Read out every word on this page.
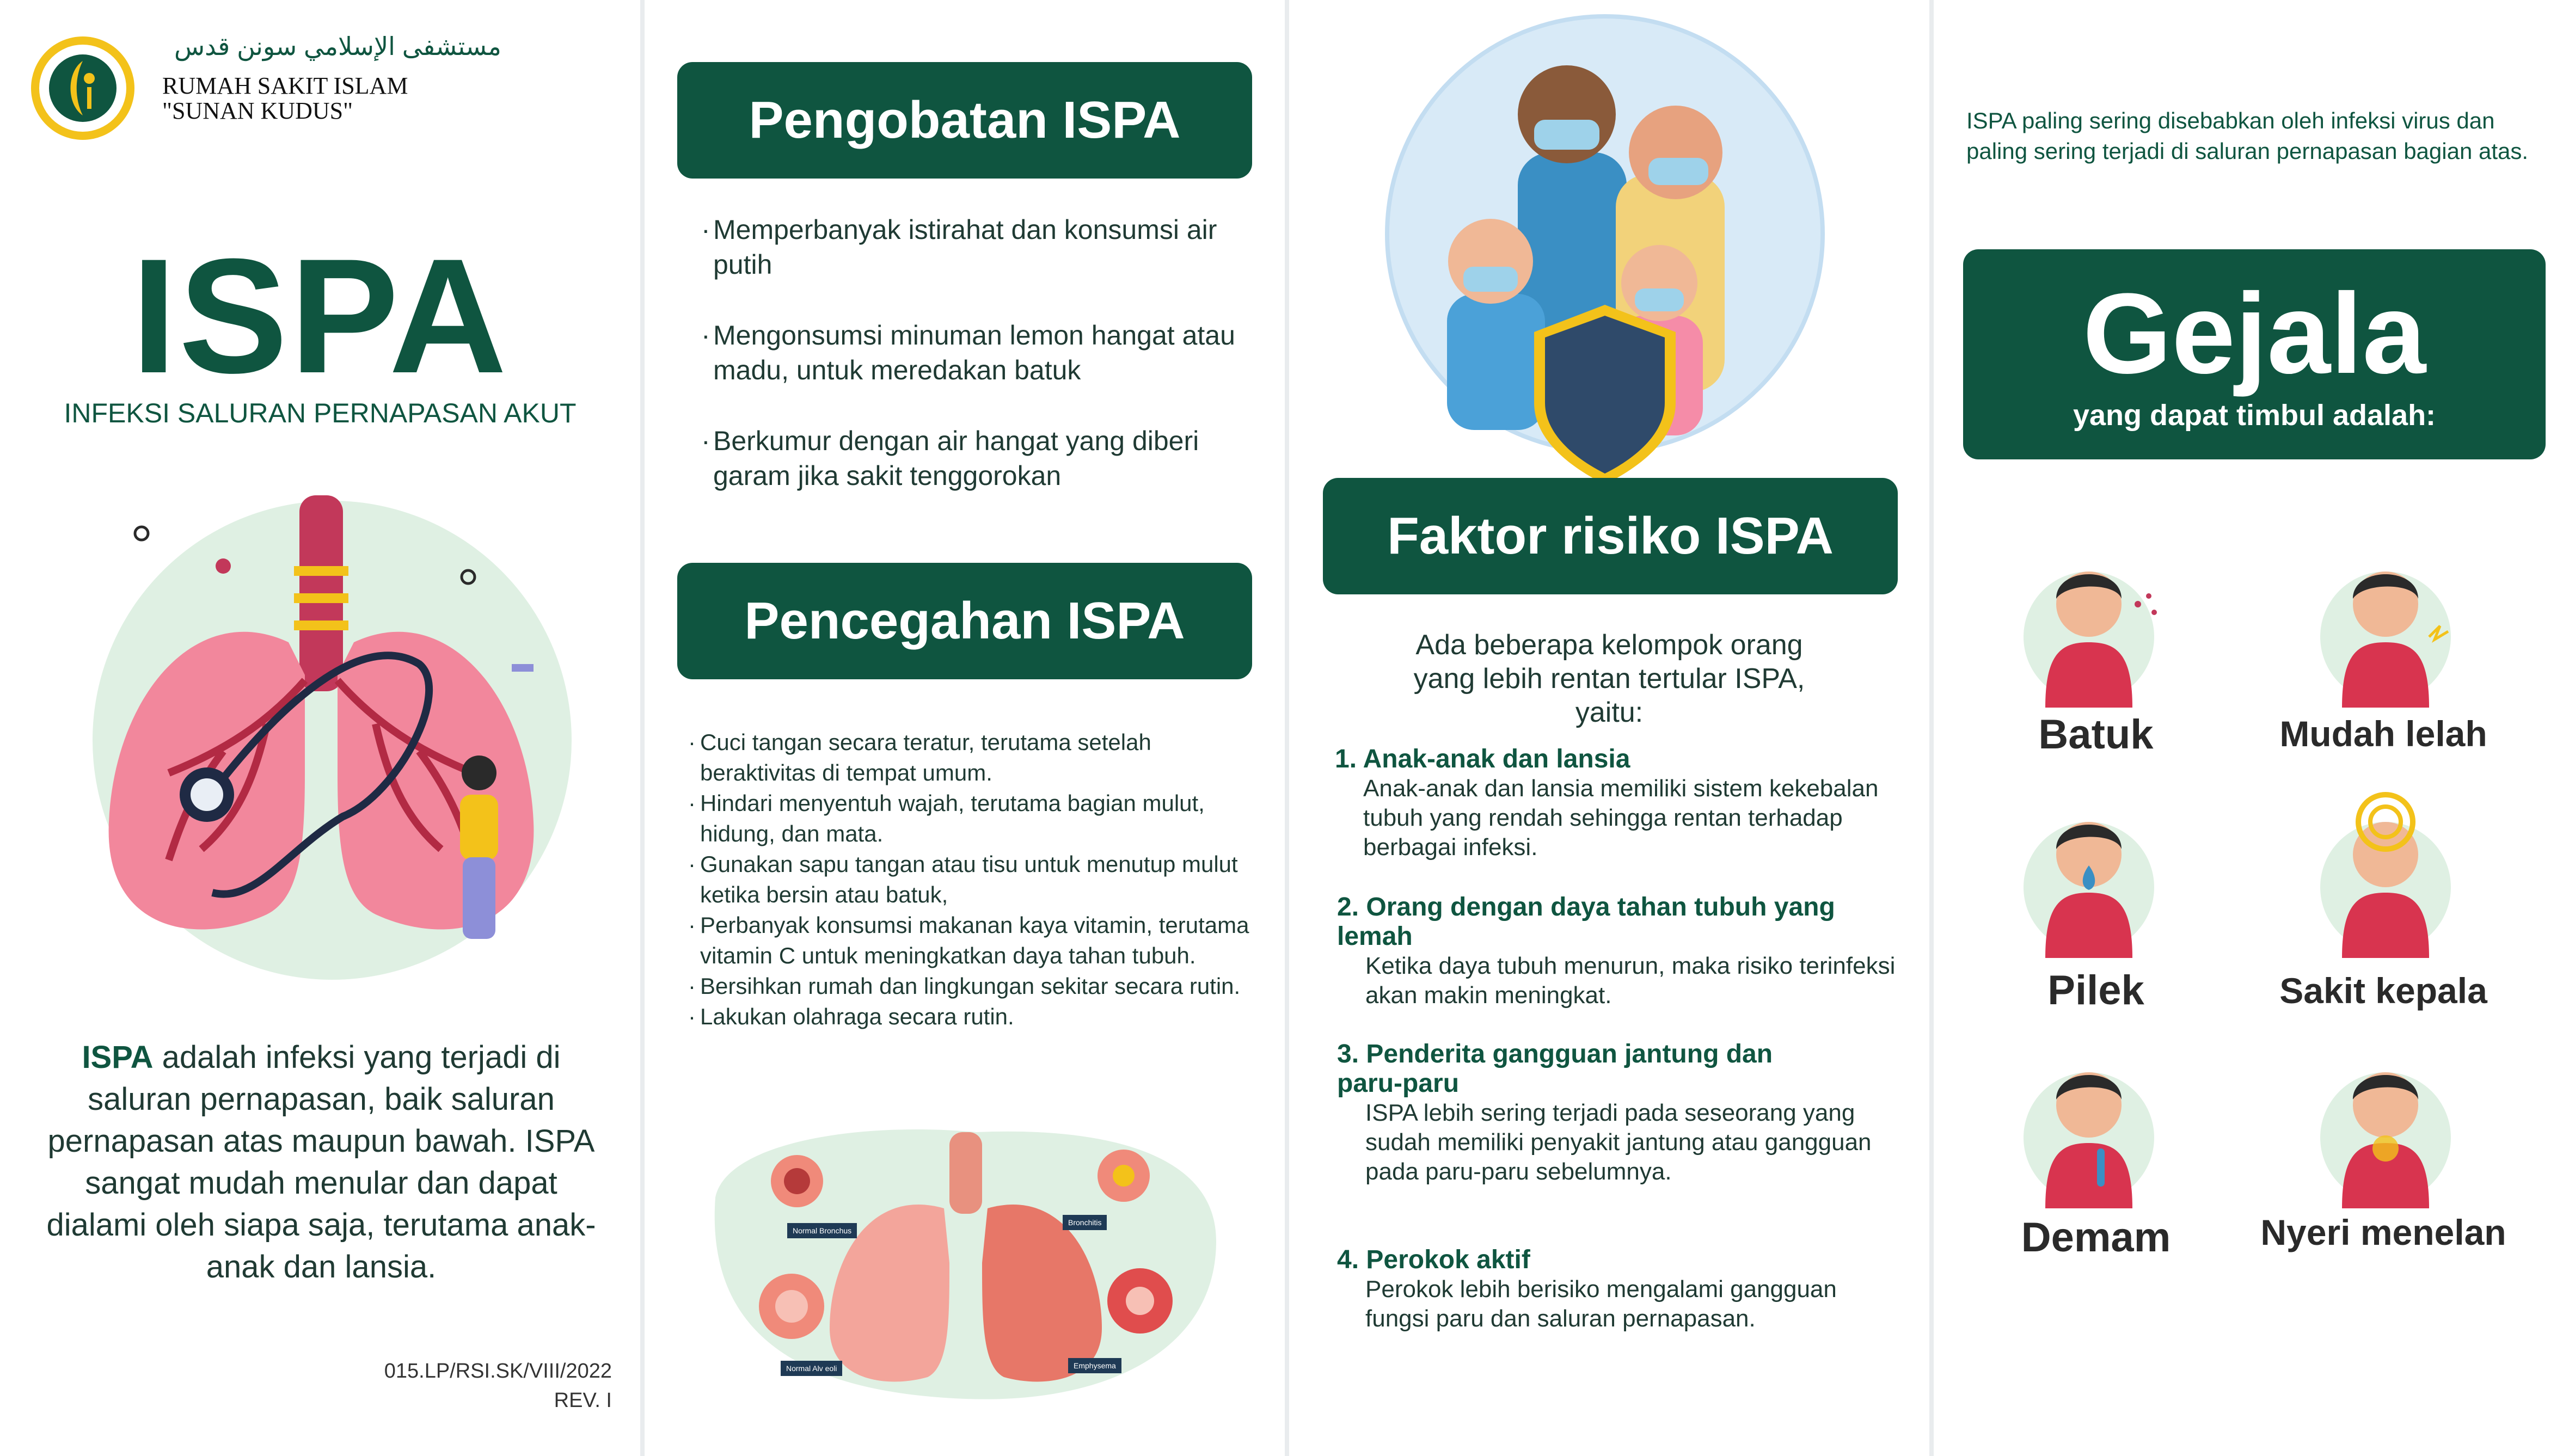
مستشفى الإسلامي سونن قدس
RUMAH SAKIT ISLAM
"SUNAN KUDUS"
ISPA
INFEKSI SALURAN PERNAPASAN AKUT
ISPA adalah infeksi yang terjadi di saluran pernapasan, baik saluran pernapasan atas maupun bawah. ISPA sangat mudah menular dan dapat dialami oleh siapa saja, terutama anak-anak dan lansia.
015.LP/RSI.SK/VIII/2022
REV. I
Pengobatan ISPA
· Memperbanyak istirahat dan konsumsi air putih
· Mengonsumsi minuman lemon hangat atau madu, untuk meredakan batuk
· Berkumur dengan air hangat yang diberi garam jika sakit tenggorokan
Pencegahan ISPA
· Cuci tangan secara teratur, terutama setelah beraktivitas di tempat umum.
· Hindari menyentuh wajah, terutama bagian mulut, hidung, dan mata.
· Gunakan sapu tangan atau tisu untuk menutup mulut ketika bersin atau batuk,
· Perbanyak konsumsi makanan kaya vitamin, terutama vitamin C untuk meningkatkan daya tahan tubuh.
· Bersihkan rumah dan lingkungan sekitar secara rutin.
· Lakukan olahraga secara rutin.
Normal Bronchus
Bronchitis
Normal Alv eoli	Emphysema
Faktor risiko ISPA
Ada beberapa kelompok orang yang lebih rentan tertular ISPA, yaitu:
1. Anak-anak dan lansia
Anak-anak dan lansia memiliki sistem kekebalan tubuh yang rendah sehingga rentan terhadap berbagai infeksi.
2. Orang dengan daya tahan tubuh yang lemah
Ketika daya tubuh menurun, maka risiko terinfeksi akan makin meningkat.
3. Penderita gangguan jantung dan paru-paru
ISPA lebih sering terjadi pada seseorang yang sudah memiliki penyakit jantung atau gangguan pada paru-paru sebelumnya.
4. Perokok aktif
Perokok lebih berisiko mengalami gangguan fungsi paru dan saluran pernapasan.
ISPA paling sering disebabkan oleh infeksi virus dan paling sering terjadi di saluran pernapasan bagian atas.
Gejala
yang dapat timbul adalah:
Batuk	Mudah lelah
Pilek	Sakit kepala
Demam	Nyeri menelan
